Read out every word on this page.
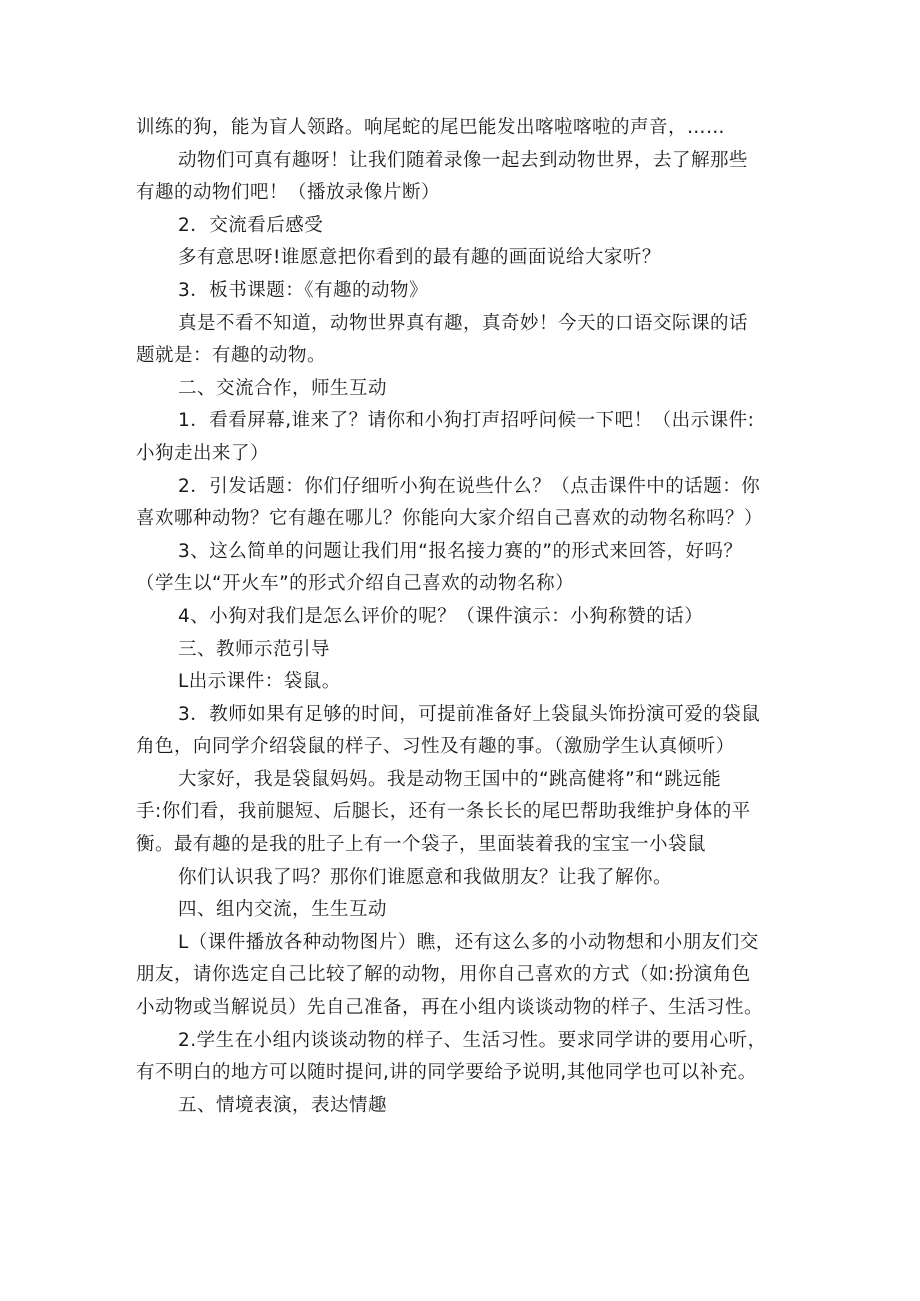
训练的狗，能为盲人领路。响尾蛇的尾巴能发出喀啦喀啦的声音，……
动物们可真有趣呀！让我们随着录像一起去到动物世界，去了解那些
有趣的动物们吧！（播放录像片断）
2．交流看后感受
多有意思呀!谁愿意把你看到的最有趣的画面说给大家听？
3．板书课题：《有趣的动物》
真是不看不知道，动物世界真有趣，真奇妙！今天的口语交际课的话
题就是：有趣的动物。
二、交流合作，师生互动
1．看看屏幕,谁来了？请你和小狗打声招呼问候一下吧！（出示课件:
小狗走出来了）
2．引发话题：你们仔细听小狗在说些什么？（点击课件中的话题：你
喜欢哪种动物？它有趣在哪儿？你能向大家介绍自己喜欢的动物名称吗？）
3、这么简单的问题让我们用“报名接力赛的”的形式来回答，好吗？
（学生以“开火车”的形式介绍自己喜欢的动物名称）
4、小狗对我们是怎么评价的呢？（课件演示：小狗称赞的话）
三、教师示范引导
L出示课件：袋鼠。
3．教师如果有足够的时间，可提前准备好上袋鼠头饰扮演可爱的袋鼠
角色，向同学介绍袋鼠的样子、习性及有趣的事。（激励学生认真倾听）
大家好，我是袋鼠妈妈。我是动物王国中的“跳高健将”和“跳远能
手:你们看，我前腿短、后腿长，还有一条长长的尾巴帮助我维护身体的平
衡。最有趣的是我的肚子上有一个袋子，里面装着我的宝宝一小袋鼠
你们认识我了吗？那你们谁愿意和我做朋友？让我了解你。
四、组内交流，生生互动
L（课件播放各种动物图片）瞧，还有这么多的小动物想和小朋友们交
朋友，请你选定自己比较了解的动物，用你自己喜欢的方式（如:扮演角色
小动物或当解说员）先自己准备，再在小组内谈谈动物的样子、生活习性。
2.学生在小组内谈谈动物的样子、生活习性。要求同学讲的要用心听，
有不明白的地方可以随时提问,讲的同学要给予说明,其他同学也可以补充。
五、情境表演，表达情趣
